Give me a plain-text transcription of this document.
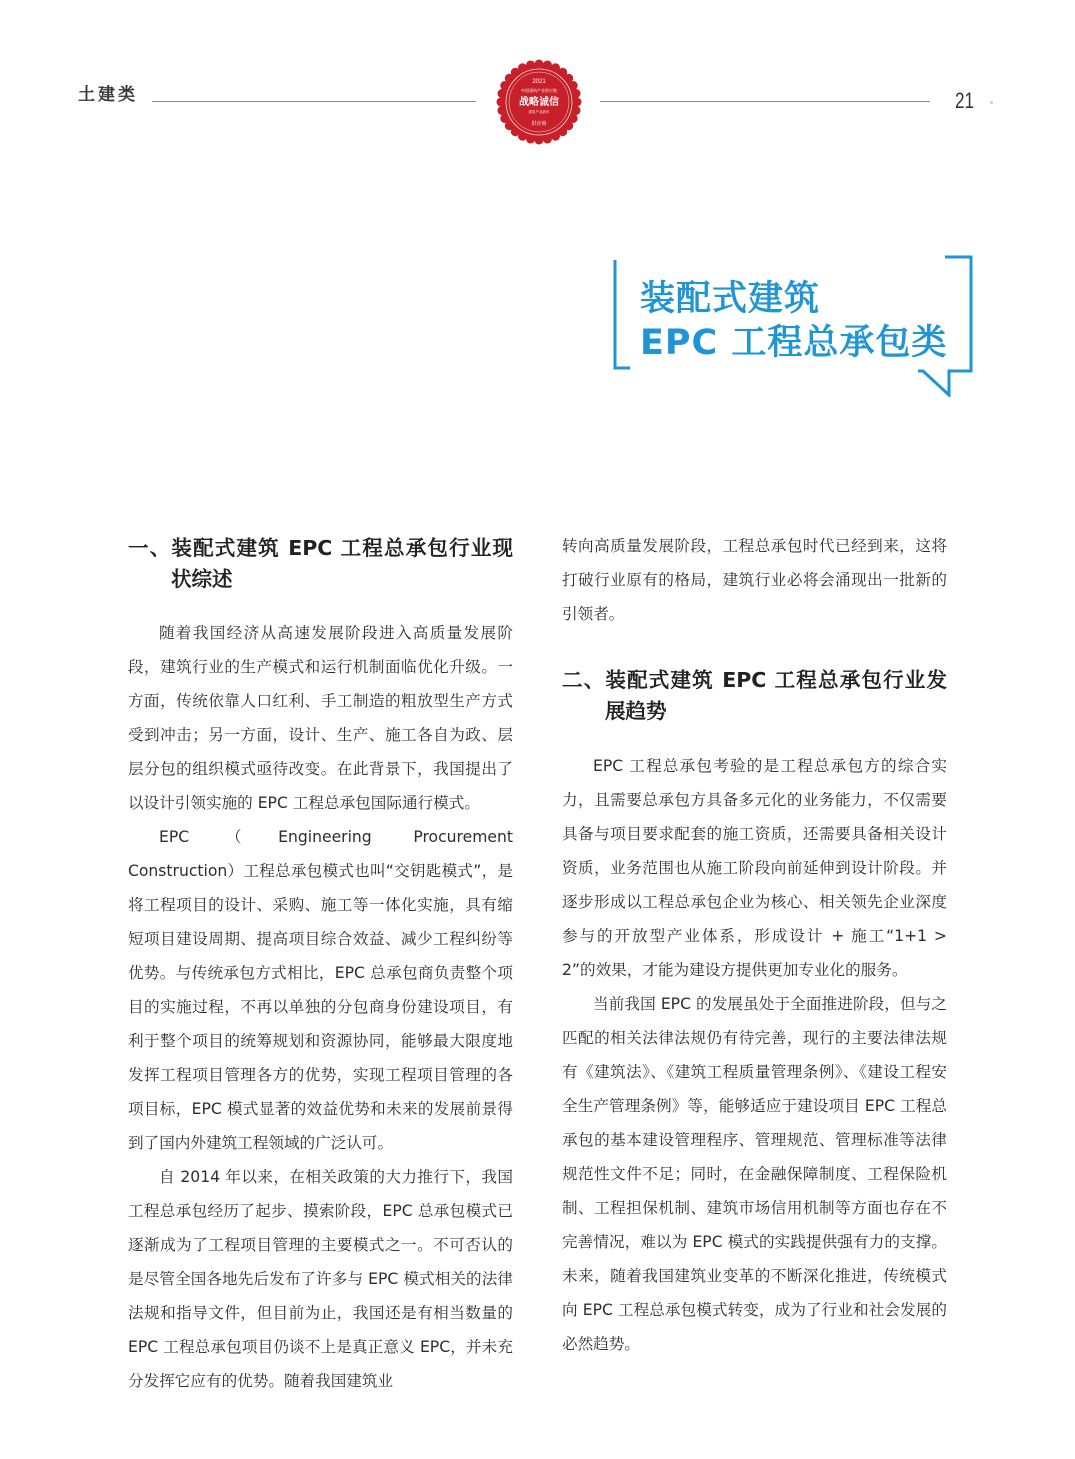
土建类	21
2021
中国建筑产业供应链
战略诚信
建筑产业新年
供应商
装配式建筑
EPC 工程总承包类
一、装配式建筑 EPC 工程总承包行业现状综述

随着我国经济从高速发展阶段进入高质量发展阶段，建筑行业的生产模式和运行机制面临优化升级。一方面，传统依靠人口红利、手工制造的粗放型生产方式受到冲击；另一方面，设计、生产、施工各自为政、层层分包的组织模式亟待改变。在此背景下，我国提出了以设计引领实施的 EPC 工程总承包国际通行模式。

EPC（Engineering Procurement Construction）工程总承包模式也叫“交钥匙模式”，是将工程项目的设计、采购、施工等一体化实施，具有缩短项目建设周期、提高项目综合效益、减少工程纠纷等优势。与传统承包方式相比，EPC 总承包商负责整个项目的实施过程，不再以单独的分包商身份建设项目，有利于整个项目的统筹规划和资源协同，能够最大限度地发挥工程项目管理各方的优势，实现工程项目管理的各项目标，EPC 模式显著的效益优势和未来的发展前景得到了国内外建筑工程领域的广泛认可。

自 2014 年以来，在相关政策的大力推行下，我国工程总承包经历了起步、摸索阶段，EPC 总承包模式已逐渐成为了工程项目管理的主要模式之一。不可否认的是尽管全国各地先后发布了许多与 EPC 模式相关的法律法规和指导文件，但目前为止，我国还是有相当数量的 EPC 工程总承包项目仍谈不上是真正意义 EPC，并未充分发挥它应有的优势。随着我国建筑业

转向高质量发展阶段，工程总承包时代已经到来，这将打破行业原有的格局，建筑行业必将会涌现出一批新的引领者。

二、装配式建筑 EPC 工程总承包行业发展趋势

EPC 工程总承包考验的是工程总承包方的综合实力，且需要总承包方具备多元化的业务能力，不仅需要具备与项目要求配套的施工资质，还需要具备相关设计资质，业务范围也从施工阶段向前延伸到设计阶段。并逐步形成以工程总承包企业为核心、相关领先企业深度参与的开放型产业体系，形成设计 + 施工“1+1 > 2”的效果，才能为建设方提供更加专业化的服务。

当前我国 EPC 的发展虽处于全面推进阶段，但与之匹配的相关法律法规仍有待完善，现行的主要法律法规有《建筑法》、《建筑工程质量管理条例》、《建设工程安全生产管理条例》等，能够适应于建设项目 EPC 工程总承包的基本建设管理程序、管理规范、管理标准等法律规范性文件不足；同时，在金融保障制度、工程保险机制、工程担保机制、建筑市场信用机制等方面也存在不完善情况，难以为 EPC 模式的实践提供强有力的支撑。未来，随着我国建筑业变革的不断深化推进，传统模式向 EPC 工程总承包模式转变，成为了行业和社会发展的必然趋势。
